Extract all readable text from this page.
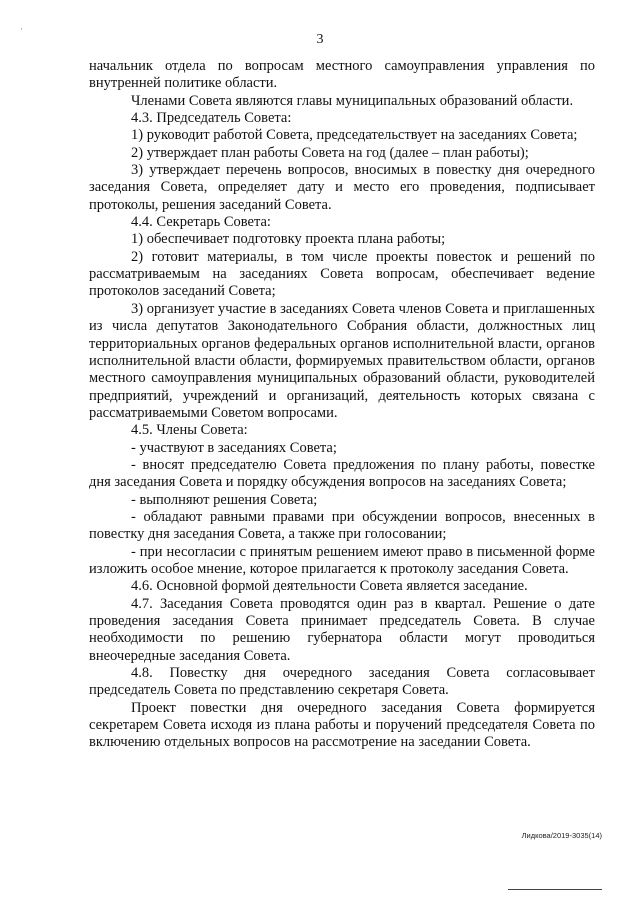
·
3

начальник отдела по вопросам местного самоуправления управления по внутренней политике области.

Членами Совета являются главы муниципальных образований области.

4.3. Председатель Совета:

1) руководит работой Совета, председательствует на заседаниях Совета;

2) утверждает план работы Совета на год (далее – план работы);

3) утверждает перечень вопросов, вносимых в повестку дня очередного заседания Совета, определяет дату и место его проведения, подписывает протоколы, решения заседаний Совета.

4.4. Секретарь Совета:

1) обеспечивает подготовку проекта плана работы;

2) готовит материалы, в том числе проекты повесток и решений по рассматриваемым на заседаниях Совета вопросам, обеспечивает ведение протоколов заседаний Совета;

3) организует участие в заседаниях Совета членов Совета и приглашенных из числа депутатов Законодательного Собрания области, должностных лиц территориальных органов федеральных органов исполнительной власти, органов исполнительной власти области, формируемых правительством области, органов местного самоуправления муниципальных образований области, руководителей предприятий, учреждений и организаций, деятельность которых связана с рассматриваемыми Советом вопросами.

4.5. Члены Совета:

- участвуют в заседаниях Совета;

- вносят председателю Совета предложения по плану работы, повестке дня заседания Совета и порядку обсуждения вопросов на заседаниях Совета;

- выполняют решения Совета;

- обладают равными правами при обсуждении вопросов, внесенных в повестку дня заседания Совета, а также при голосовании;

- при несогласии с принятым решением имеют право в письменной форме изложить особое мнение, которое прилагается к протоколу заседания Совета.

4.6. Основной формой деятельности Совета является заседание.

4.7. Заседания Совета проводятся один раз в квартал. Решение о дате проведения заседания Совета принимает председатель Совета. В случае необходимости по решению губернатора области могут проводиться внеочередные заседания Совета.

4.8. Повестку дня очередного заседания Совета согласовывает председатель Совета по представлению секретаря Совета.

Проект повестки дня очередного заседания Совета формируется секретарем Совета исходя из плана работы и поручений председателя Совета по включению отдельных вопросов на рассмотрение на заседании Совета.

Лидкова/2019-3035(14)
